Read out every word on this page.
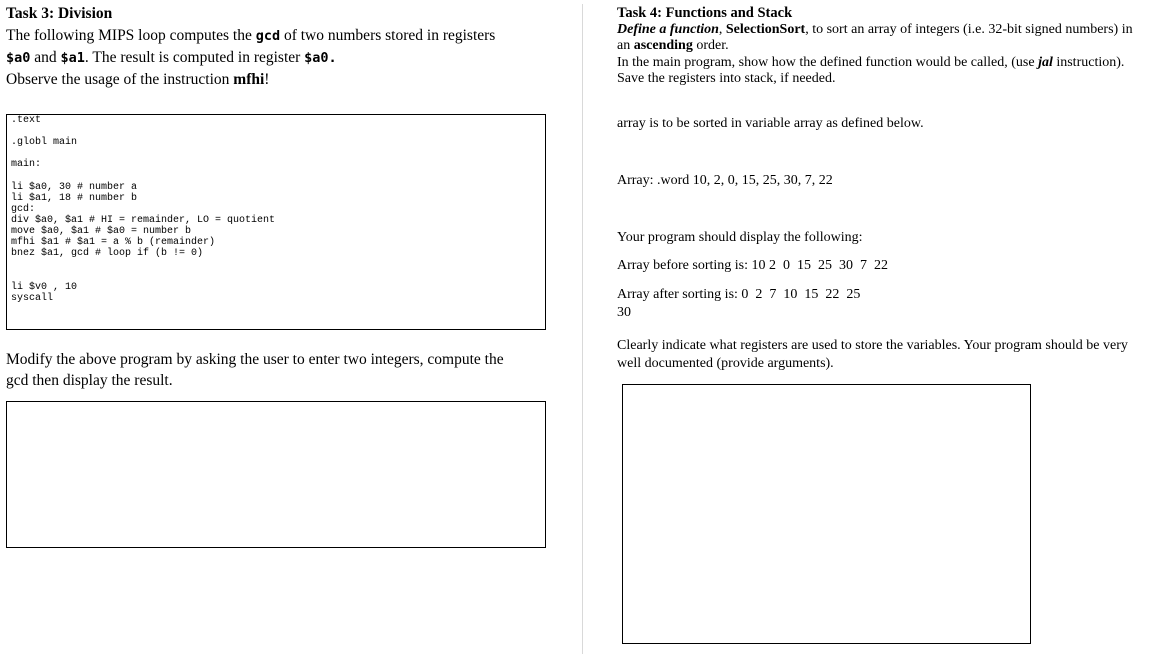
Task 3: Division
The following MIPS loop computes the gcd of two numbers stored in registers
$a0 and $a1. The result is computed in register $a0.
Observe the usage of the instruction mfhi!
.text
.globl main
main:
li $a0, 30 # number a
li $a1, 18 # number b
gcd:
div $a0, $a1 # HI = remainder, LO = quotient
move $a0, $a1 # $a0 = number b
mfhi $a1 # $a1 = a % b (remainder)
bnez $a1, gcd # loop if (b != 0)
li $v0 , 10
syscall
Modify the above program by asking the user to enter two integers, compute the
gcd then display the result.
Task 4: Functions and Stack
Define a function, SelectionSort, to sort an array of integers (i.e. 32-bit signed numbers) in
an ascending order.
In the main program, show how the defined function would be called, (use jal instruction).
Save the registers into stack, if needed.
array is to be sorted in variable array as defined below.
Array: .word 10, 2, 0, 15, 25, 30, 7, 22
Your program should display the following:
Array before sorting is: 10 2  0  15  25  30  7  22
Array after sorting is: 0  2  7  10  15  22  25
30
Clearly indicate what registers are used to store the variables. Your program should be very
well documented (provide arguments).
